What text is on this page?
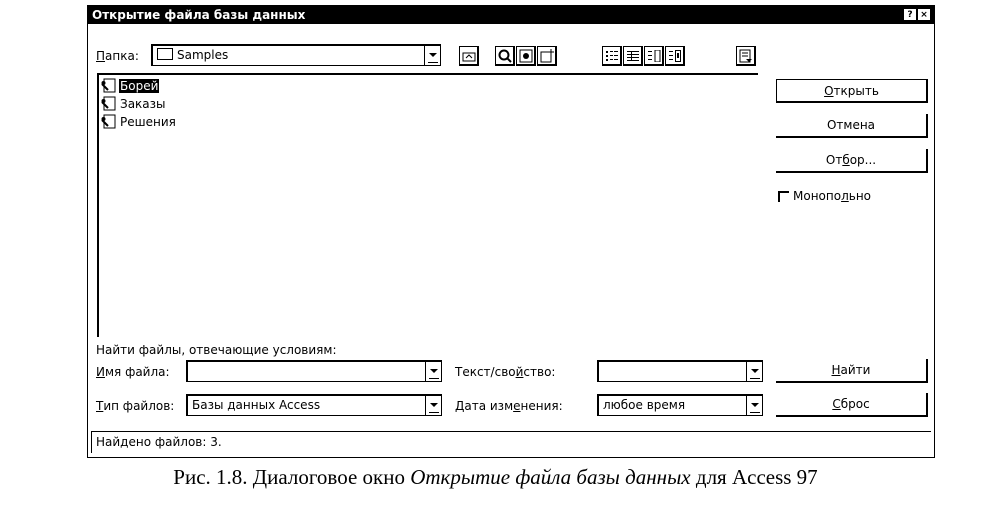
Открытие файла базы данных	? ×
Папка:	Samples
Борей
Заказы
Решения
Открыть
Отмена
Отбор...
Монопольно
Найти файлы, отвечающие условиям:
Имя файла:	Текст/свойство:
Тип файлов:	Базы данных Access	Дата изменения:	любое время
Найти
Сброс
Найдено файлов: 3.
Рис. 1.8. Диалоговое окно Открытие файла базы данных для Access 97
